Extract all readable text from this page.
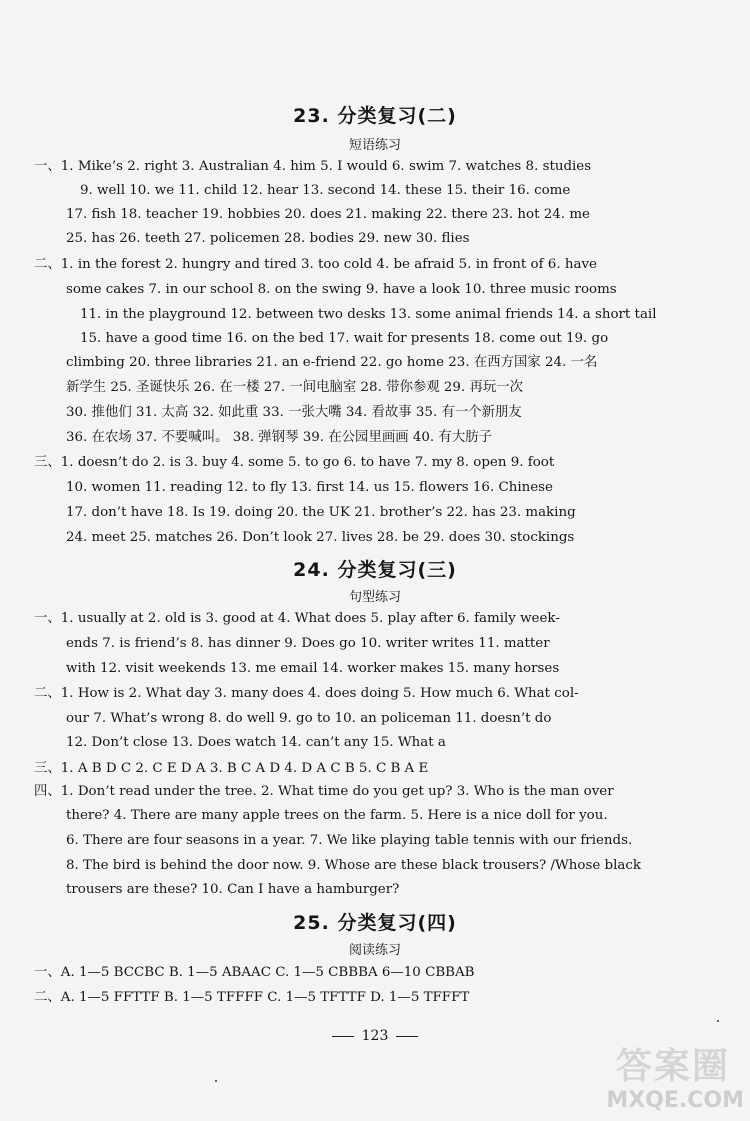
23. 分类复习(二)
短语练习
一、1. Mike’s 2. right 3. Australian 4. him 5. I would 6. swim 7. watches 8. studies
9. well 10. we 11. child 12. hear 13. second 14. these 15. their 16. come
17. fish 18. teacher 19. hobbies 20. does 21. making 22. there 23. hot 24. me
25. has 26. teeth 27. policemen 28. bodies 29. new 30. flies
二、1. in the forest 2. hungry and tired 3. too cold 4. be afraid 5. in front of 6. have
some cakes 7. in our school 8. on the swing 9. have a look 10. three music rooms
11. in the playground 12. between two desks 13. some animal friends 14. a short tail
15. have a good time 16. on the bed 17. wait for presents 18. come out 19. go
climbing 20. three libraries 21. an e-friend 22. go home 23. 在西方国家 24. 一名
新学生 25. 圣诞快乐 26. 在一楼 27. 一间电脑室 28. 带你参观 29. 再玩一次
30. 推他们 31. 太高 32. 如此重 33. 一张大嘴 34. 看故事 35. 有一个新朋友
36. 在农场 37. 不要喊叫。 38. 弹钢琴 39. 在公园里画画 40. 有大肪子
三、1. doesn’t do 2. is 3. buy 4. some 5. to go 6. to have 7. my 8. open 9. foot
10. women 11. reading 12. to fly 13. first 14. us 15. flowers 16. Chinese
17. don’t have 18. Is 19. doing 20. the UK 21. brother’s 22. has 23. making
24. meet 25. matches 26. Don’t look 27. lives 28. be 29. does 30. stockings
24. 分类复习(三)
句型练习
一、1. usually at 2. old is 3. good at 4. What does 5. play after 6. family week-
ends 7. is friend’s 8. has dinner 9. Does go 10. writer writes 11. matter
with 12. visit weekends 13. me email 14. worker makes 15. many horses
二、1. How is 2. What day 3. many does 4. does doing 5. How much 6. What col-
our 7. What’s wrong 8. do well 9. go to 10. an policeman 11. doesn’t do
12. Don’t close 13. Does watch 14. can’t any 15. What a
三、1. A B D C 2. C E D A 3. B C A D 4. D A C B 5. C B A E
四、1. Don’t read under the tree. 2. What time do you get up? 3. Who is the man over
there? 4. There are many apple trees on the farm. 5. Here is a nice doll for you.
6. There are four seasons in a year. 7. We like playing table tennis with our friends.
8. The bird is behind the door now. 9. Whose are these black trousers? /Whose black
trousers are these? 10. Can I have a hamburger?
25. 分类复习(四)
阅读练习
一、A. 1—5 BCCBC B. 1—5 ABAAC C. 1—5 CBBBA 6—10 CBBAB
二、A. 1—5 FFTTF B. 1—5 TFFFF C. 1—5 TFTTF D. 1—5 TFFFT
123
答案圈
MXQE.COM
